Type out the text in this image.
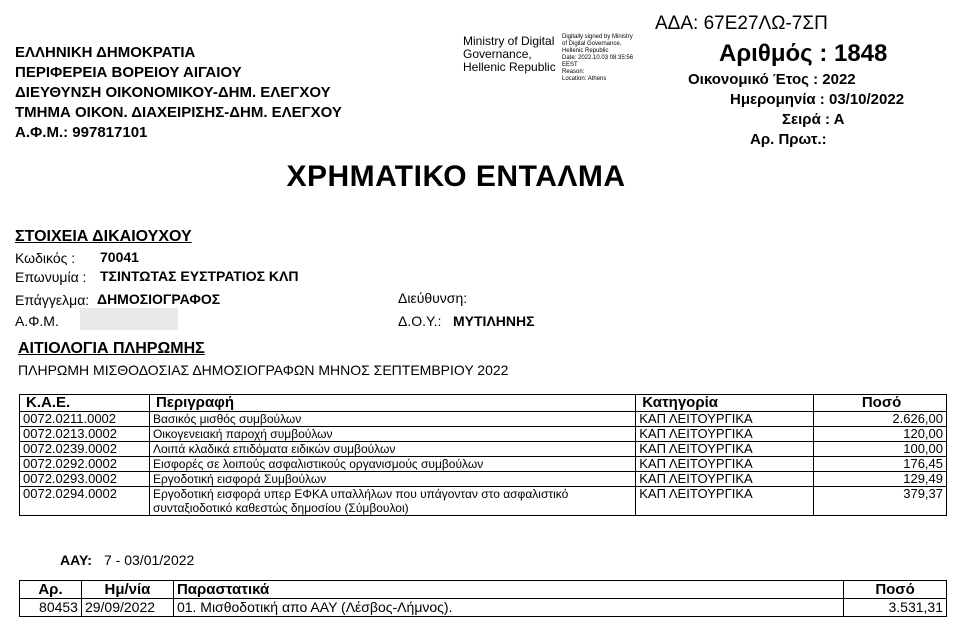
ΕΛΛΗΝΙΚΗ ΔΗΜΟΚΡΑΤΙΑ
ΠΕΡΙΦΕΡΕΙΑ ΒΟΡΕΙΟΥ ΑΙΓΑΙΟΥ
ΔΙΕΥΘΥΝΣΗ ΟΙΚΟΝΟΜΙΚΟΥ-ΔΗΜ. ΕΛΕΓΧΟΥ
ΤΜΗΜΑ ΟΙΚΟΝ. ΔΙΑΧΕΙΡΙΣΗΣ-ΔΗΜ. ΕΛΕΓΧΟΥ
Α.Φ.Μ.: 997817101
Ministry of Digital
Governance,
Hellenic Republic
Digitally signed by Ministry
of Digital Governance,
Hellenic Republic
Date: 2022.10.03 08:35:56
EEST
Reason:
Location: Athens
ΑΔΑ: 67Ε27ΛΩ-7ΣΠ
Αριθμός : 1848
Οικονομικό Έτος : 2022
Ημερομηνία : 03/10/2022
Σειρά : Α
Αρ. Πρωτ.:
ΧΡΗΜΑΤΙΚΟ ΕΝΤΑΛΜΑ
ΣΤΟΙΧΕΙΑ ΔΙΚΑΙΟΥΧΟΥ
Κωδικός : 70041
Επωνυμία : ΤΣΙΝΤΩΤΑΣ ΕΥΣΤΡΑΤΙΟΣ ΚΛΠ
Επάγγελμα: ΔΗΜΟΣΙΟΓΡΑΦΟΣ	Διεύθυνση:
Α.Φ.Μ.	Δ.Ο.Υ.: ΜΥΤΙΛΗΝΗΣ
ΑΙΤΙΟΛΟΓΙΑ ΠΛΗΡΩΜΗΣ
ΠΛΗΡΩΜΗ ΜΙΣΘΟΔΟΣΙΑΣ ΔΗΜΟΣΙΟΓΡΑΦΩΝ ΜΗΝΟΣ ΣΕΠΤΕΜΒΡΙΟΥ 2022
Κ.Α.Ε.	Περιγραφή	Κατηγορία	Ποσό
0072.0211.0002	Βασικός μισθός συμβούλων	ΚΑΠ ΛΕΙΤΟΥΡΓΙΚΑ	2.626,00
0072.0213.0002	Οικογενειακή παροχή συμβούλων	ΚΑΠ ΛΕΙΤΟΥΡΓΙΚΑ	120,00
0072.0239.0002	Λοιπά κλαδικά επιδόματα ειδικών συμβούλων	ΚΑΠ ΛΕΙΤΟΥΡΓΙΚΑ	100,00
0072.0292.0002	Εισφορές σε λοιπούς ασφαλιστικούς οργανισμούς συμβούλων	ΚΑΠ ΛΕΙΤΟΥΡΓΙΚΑ	176,45
0072.0293.0002	Εργοδοτική εισφορά Συμβούλων	ΚΑΠ ΛΕΙΤΟΥΡΓΙΚΑ	129,49
0072.0294.0002	Εργοδοτική εισφορά υπερ ΕΦΚΑ υπαλλήλων που υπάγονταν στο ασφαλιστικό συνταξιοδοτικό καθεστώς δημοσίου (Σύμβουλοι)	ΚΑΠ ΛΕΙΤΟΥΡΓΙΚΑ	379,37
ΑΑΥ: 7 - 03/01/2022
Αρ.	Ημ/νία	Παραστατικά	Ποσό
80453	29/09/2022	01. Μισθοδοτική απο ΑΑΥ (Λέσβος-Λήμνος).	3.531,31
